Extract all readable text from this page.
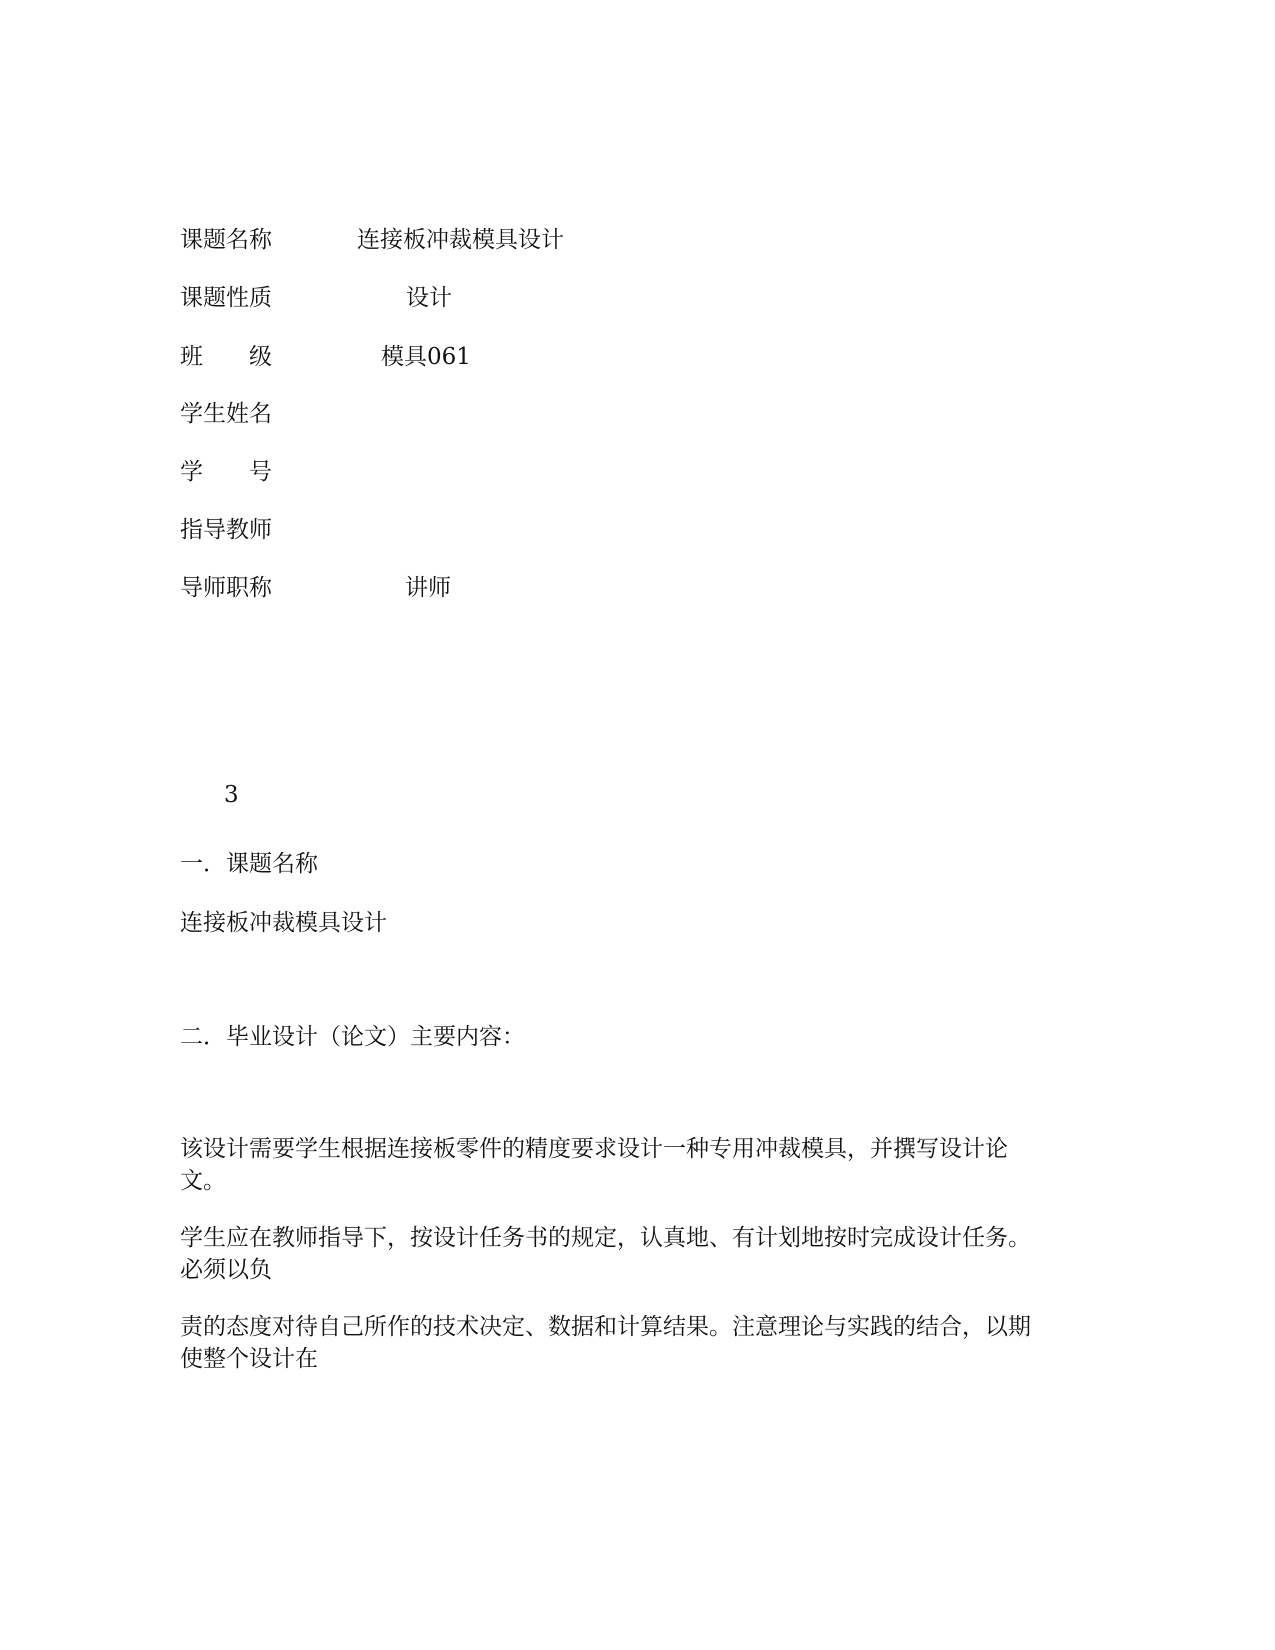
课题名称	连接板冲裁模具设计
课题性质	设计
班 级	模具061
学生姓名
学 号
指导教师
导师职称	讲师
3
一．课题名称
连接板冲裁模具设计
二．毕业设计（论文）主要内容：
该设计需要学生根据连接板零件的精度要求设计一种专用冲裁模具，并撰写设计论文。
学生应在教师指导下，按设计任务书的规定，认真地、有计划地按时完成设计任务。必须以负
责的态度对待自己所作的技术决定、数据和计算结果。注意理论与实践的结合，以期使整个设计在
